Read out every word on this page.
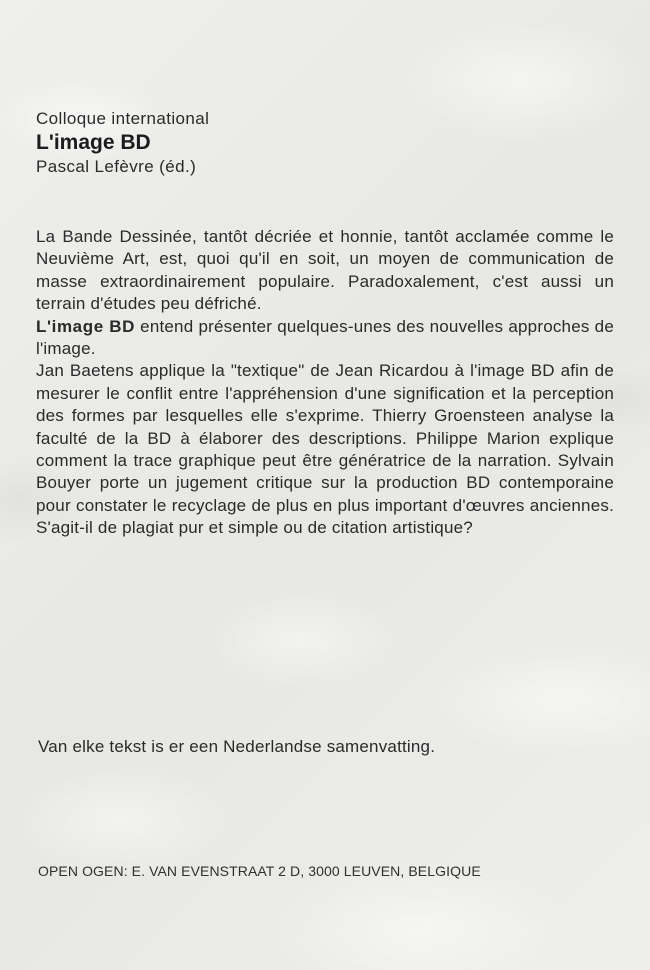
Colloque international
L'image BD
Pascal Lefèvre (éd.)

La Bande Dessinée, tantôt décriée et honnie, tantôt acclamée comme le Neuvième Art, est, quoi qu'il en soit, un moyen de communication de masse extraordinairement populaire. Paradoxalement, c'est aussi un terrain d'études peu défriché.

L'image BD entend présenter quelques-unes des nouvelles approches de l'image.

Jan Baetens applique la "textique" de Jean Ricardou à l'image BD afin de mesurer le conflit entre l'appréhension d'une signification et la perception des formes par lesquelles elle s'exprime. Thierry Groensteen analyse la faculté de la BD à élaborer des descriptions. Philippe Marion explique comment la trace graphique peut être génératrice de la narration. Sylvain Bouyer porte un jugement critique sur la production BD contemporaine pour constater le recyclage de plus en plus important d'œuvres anciennes. S'agit-il de plagiat pur et simple ou de citation artistique?

Van elke tekst is er een Nederlandse samenvatting.
OPEN OGEN: E. VAN EVENSTRAAT 2 D, 3000 LEUVEN, BELGIQUE
